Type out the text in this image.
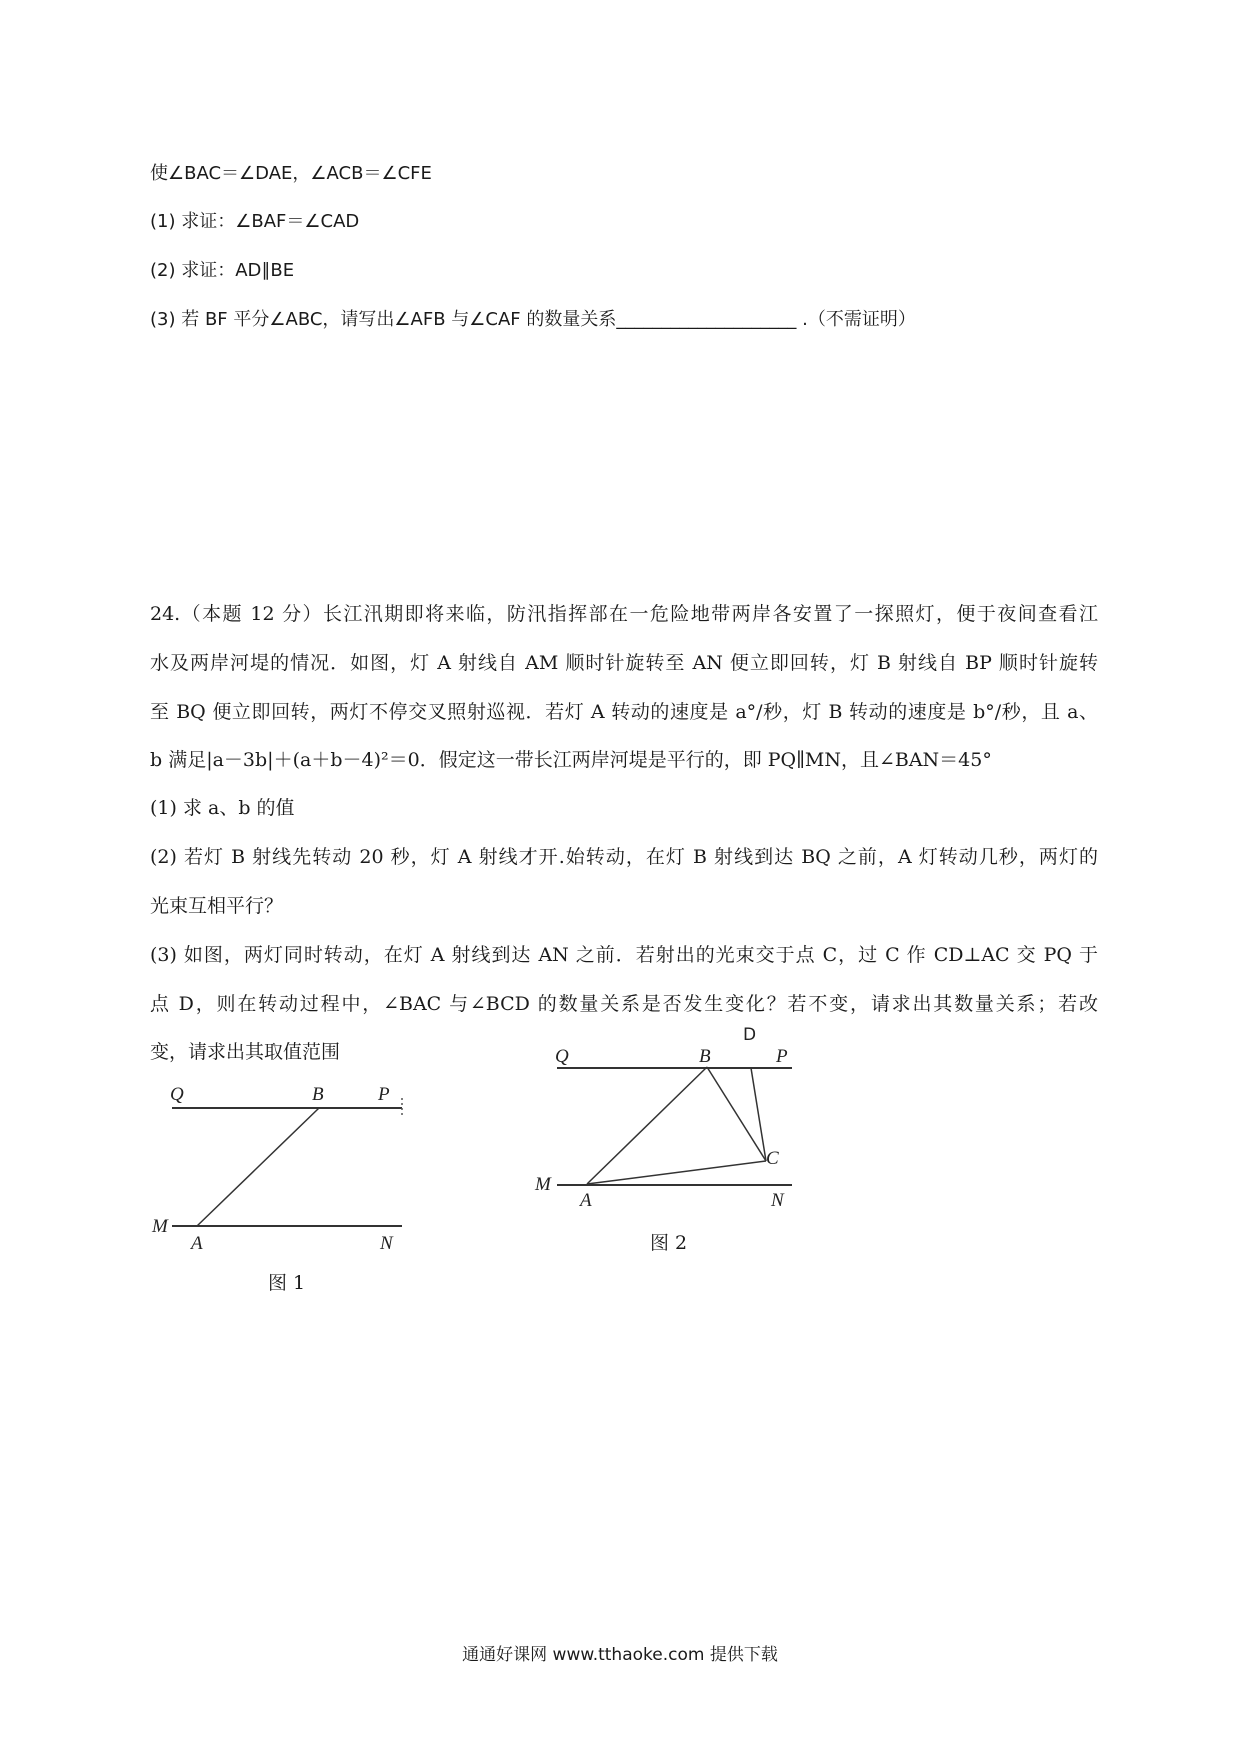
使∠BAC＝∠DAE，∠ACB＝∠CFE
(1) 求证：∠BAF＝∠CAD
(2) 求证：AD∥BE
(3) 若 BF 平分∠ABC，请写出∠AFB 与∠CAF 的数量关系____________________ .（不需证明）
24.（本题 12 分）长江汛期即将来临，防汛指挥部在一危险地带两岸各安置了一探照灯，便于夜间查看江
水及两岸河堤的情况．如图，灯 A 射线自 AM 顺时针旋转至 AN 便立即回转，灯 B 射线自 BP 顺时针旋转
至 BQ 便立即回转，两灯不停交叉照射巡视．若灯 A 转动的速度是 a°/秒，灯 B 转动的速度是 b°/秒，且 a、
b 满足|a－3b|＋(a＋b－4)²＝0．假定这一带长江两岸河堤是平行的，即 PQ∥MN，且∠BAN＝45°
(1) 求 a、b 的值
(2) 若灯 B 射线先转动 20 秒，灯 A 射线才开.始转动，在灯 B 射线到达 BQ 之前，A 灯转动几秒，两灯的
光束互相平行？
(3) 如图，两灯同时转动，在灯 A 射线到达 AN 之前．若射出的光束交于点 C，过 C 作 CD⊥AC 交 PQ 于
点 D，则在转动过程中，∠BAC 与∠BCD 的数量关系是否发生变化？若不变，请求出其数量关系；若改
变，请求出其取值范围
Q	B	P
M
A	N
图 1
D
Q	B	P
C
M
A	N
图 2
通通好课网 www.tthaoke.com 提供下载
